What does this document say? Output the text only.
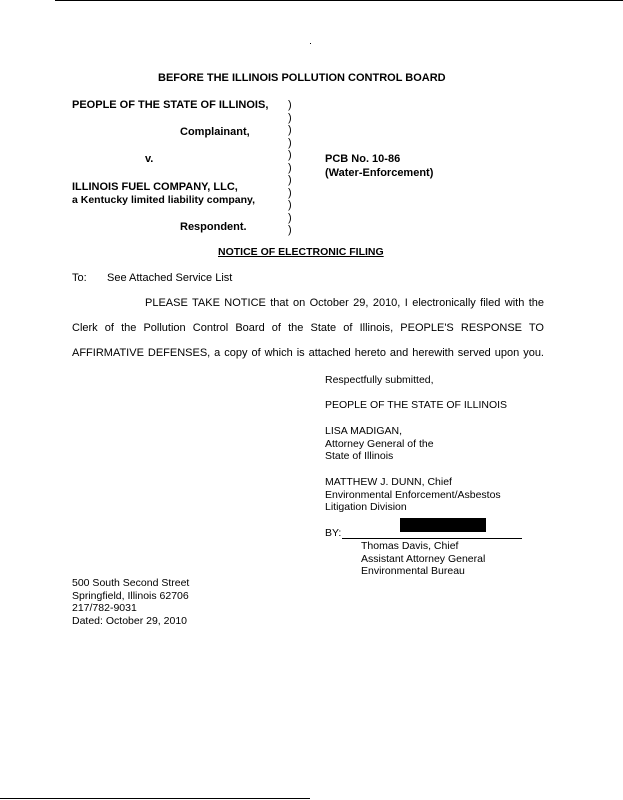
BEFORE THE ILLINOIS POLLUTION CONTROL BOARD
PEOPLE OF THE STATE OF ILLINOIS,
Complainant,
v.
ILLINOIS FUEL COMPANY, LLC,
a Kentucky limited liability company,
Respondent.
)
)
)
)
)
)
)
)
)
)
)
PCB No. 10-86
(Water-Enforcement)
NOTICE OF ELECTRONIC FILING
To: See Attached Service List
PLEASE TAKE NOTICE that on October 29, 2010, I electronically filed with the
Clerk of the Pollution Control Board of the State of Illinois, PEOPLE'S RESPONSE TO
AFFIRMATIVE DEFENSES, a copy of which is attached hereto and herewith served upon you.
Respectfully submitted,
PEOPLE OF THE STATE OF ILLINOIS
LISA MADIGAN,
Attorney General of the
State of Illinois
MATTHEW J. DUNN, Chief
Environmental Enforcement/Asbestos
Litigation Division
BY:
Thomas Davis, Chief
Assistant Attorney General
Environmental Bureau
500 South Second Street
Springfield, Illinois 62706
217/782-9031
Dated: October 29, 2010
